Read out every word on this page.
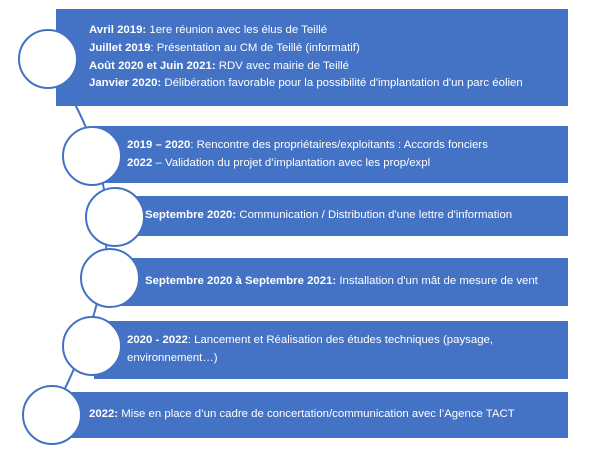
Avril 2019: 1ere réunion avec les élus de Teillé
Juillet 2019: Présentation au CM de Teillé (informatif)
Août 2020 et Juin 2021: RDV avec mairie de Teillé
Janvier 2020: Délibération favorable pour la possibilité d'implantation d'un parc éolien
2019 – 2020: Rencontre des propriétaires/exploitants : Accords fonciers
2022 – Validation du projet d’implantation avec les prop/expl
Septembre 2020: Communication / Distribution d'une lettre d'information
Septembre 2020 à Septembre 2021: Installation d'un mât de mesure de vent
2020 - 2022: Lancement et Réalisation des études techniques (paysage, environnement…)
2022: Mise en place d’un cadre de concertation/communication avec l’Agence TACT
